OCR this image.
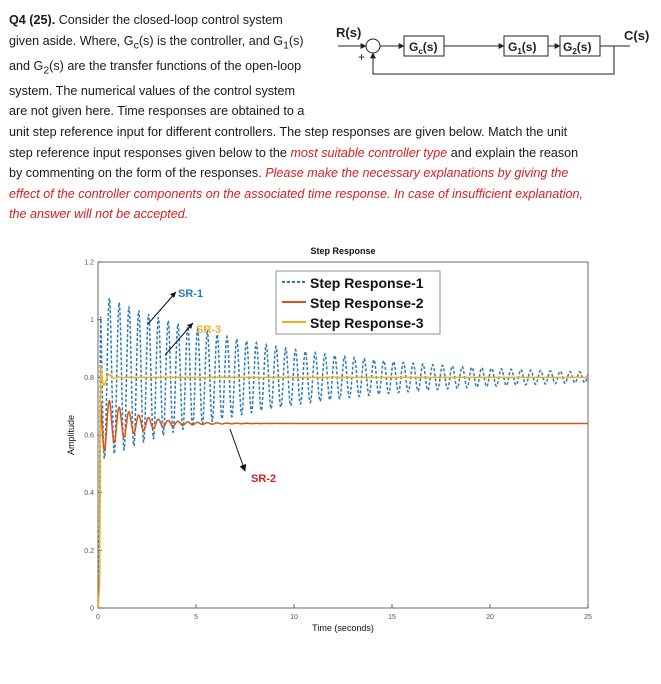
Q4 (25). Consider the closed-loop control system
given aside. Where, $G_c(s)$ is the controller, and $G_1(s)$
and $G_2(s)$ are the transfer functions of the open-loop
system. The numerical values of the control system
are not given here. Time responses are obtained to a
unit step reference input for different controllers. The step responses are given below. Match the unit
step reference input responses given below to the most suitable controller type and explain the reason
by commenting on the form of the responses. Please make the necessary explanations by giving the
effect of the controller components on the associated time response. In case of insufficient explanation,
the answer will not be accepted.
R(s)
+
$G_c(s)$	$G_1(s)$ $G_2(s)$
C(s)
Step Response
0	5	10	15	20	25
0
0.2
0.4
0.6
0.8
1
1.2
Time (seconds)
Amplitude
Step Response-1
Step Response-2
Step Response-3
SR-1
SR-3
SR-2
